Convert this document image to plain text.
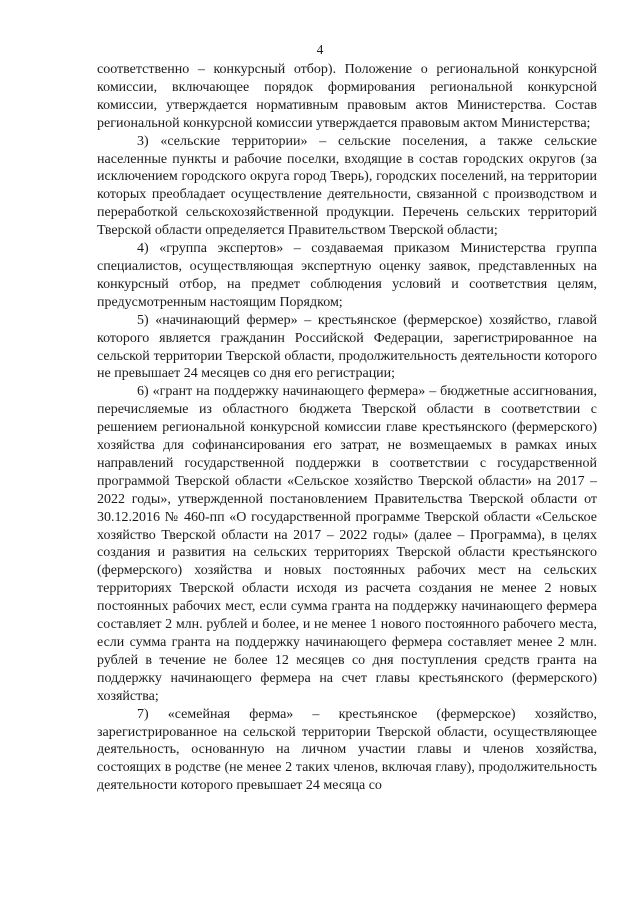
4

соответственно – конкурсный отбор). Положение о региональной конкурсной комиссии, включающее порядок формирования региональной конкурсной комиссии, утверждается нормативным правовым актов Министерства. Состав региональной конкурсной комиссии утверждается правовым актом Министерства;

3) «сельские территории» – сельские поселения, а также сельские населенные пункты и рабочие поселки, входящие в состав городских округов (за исключением городского округа город Тверь), городских поселений, на территории которых преобладает осуществление деятельности, связанной с производством и переработкой сельскохозяйственной продукции. Перечень сельских территорий Тверской области определяется Правительством Тверской области;

4) «группа экспертов» – создаваемая приказом Министерства группа специалистов, осуществляющая экспертную оценку заявок, представленных на конкурсный отбор, на предмет соблюдения условий и соответствия целям, предусмотренным настоящим Порядком;

5) «начинающий фермер» – крестьянское (фермерское) хозяйство, главой которого является гражданин Российской Федерации, зарегистрированное на сельской территории Тверской области, продолжительность деятельности которого не превышает 24 месяцев со дня его регистрации;

6) «грант на поддержку начинающего фермера» – бюджетные ассигнования, перечисляемые из областного бюджета Тверской области в соответствии с решением региональной конкурсной комиссии главе крестьянского (фермерского) хозяйства для софинансирования его затрат, не возмещаемых в рамках иных направлений государственной поддержки в соответствии с государственной программой Тверской области «Сельское хозяйство Тверской области» на 2017 – 2022 годы», утвержденной постановлением Правительства Тверской области от 30.12.2016 № 460-пп «О государственной программе Тверской области «Сельское хозяйство Тверской области на 2017 – 2022 годы» (далее – Программа), в целях создания и развития на сельских территориях Тверской области крестьянского (фермерского) хозяйства и новых постоянных рабочих мест на сельских территориях Тверской области исходя из расчета создания не менее 2 новых постоянных рабочих мест, если сумма гранта на поддержку начинающего фермера составляет 2 млн. рублей и более, и не менее 1 нового постоянного рабочего места, если сумма гранта на поддержку начинающего фермера составляет менее 2 млн. рублей в течение не более 12 месяцев со дня поступления средств гранта на поддержку начинающего фермера на счет главы крестьянского (фермерского) хозяйства;

7) «семейная ферма» – крестьянское (фермерское) хозяйство, зарегистрированное на сельской территории Тверской области, осуществляющее деятельность, основанную на личном участии главы и членов хозяйства, состоящих в родстве (не менее 2 таких членов, включая главу), продолжительность деятельности которого превышает 24 месяца со
